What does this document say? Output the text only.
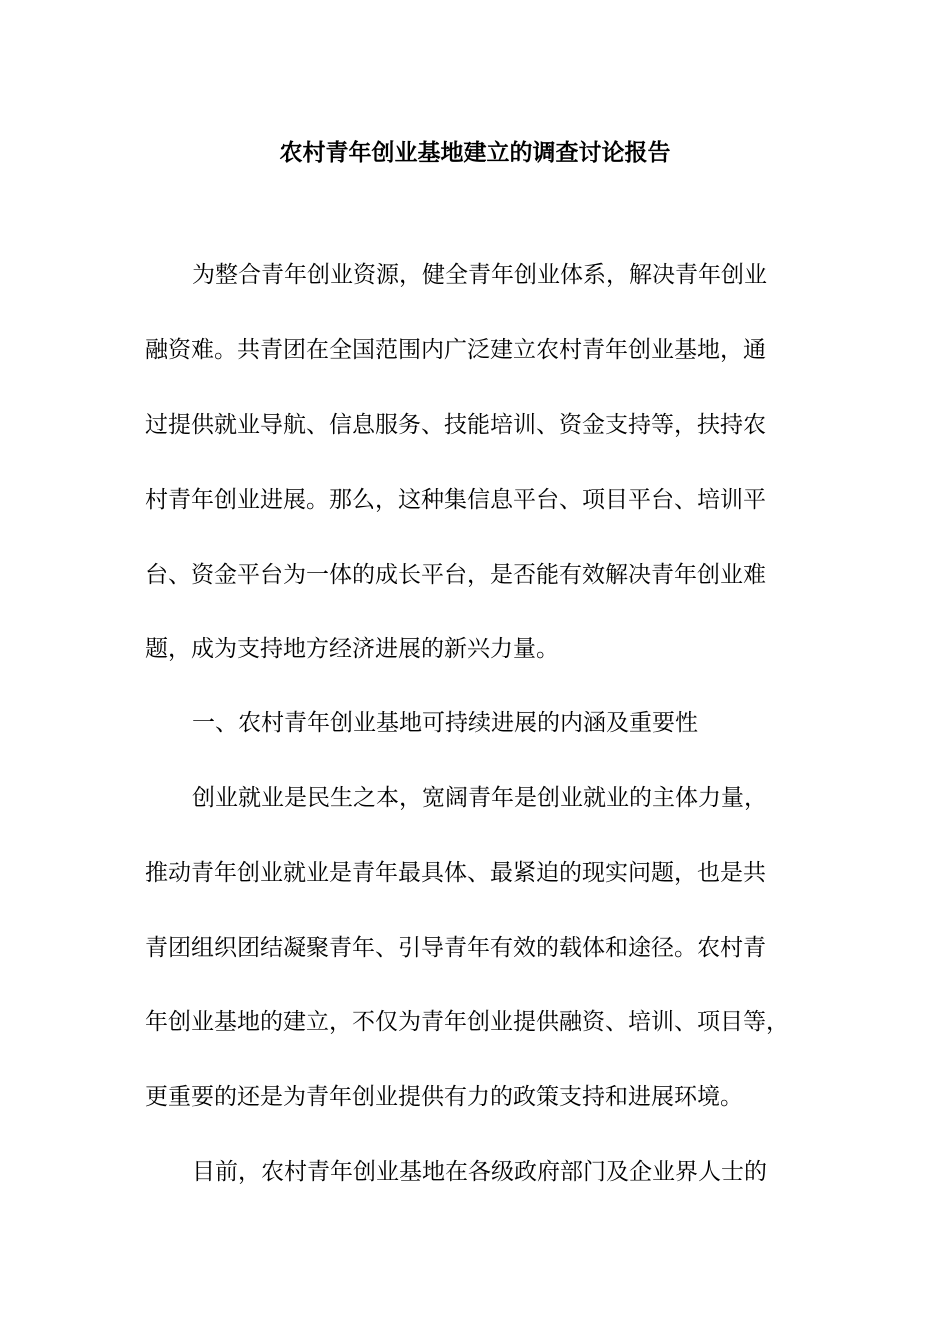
农村青年创业基地建立的调查讨论报告

为整合青年创业资源，健全青年创业体系，解决青年创业

融资难。共青团在全国范围内广泛建立农村青年创业基地，通

过提供就业导航、信息服务、技能培训、资金支持等，扶持农

村青年创业进展。那么，这种集信息平台、项目平台、培训平

台、资金平台为一体的成长平台，是否能有效解决青年创业难

题，成为支持地方经济进展的新兴力量。

一、农村青年创业基地可持续进展的内涵及重要性

创业就业是民生之本，宽阔青年是创业就业的主体力量，

推动青年创业就业是青年最具体、最紧迫的现实问题，也是共

青团组织团结凝聚青年、引导青年有效的载体和途径。农村青

年创业基地的建立，不仅为青年创业提供融资、培训、项目等，

更重要的还是为青年创业提供有力的政策支持和进展环境。

目前，农村青年创业基地在各级政府部门及企业界人士的
